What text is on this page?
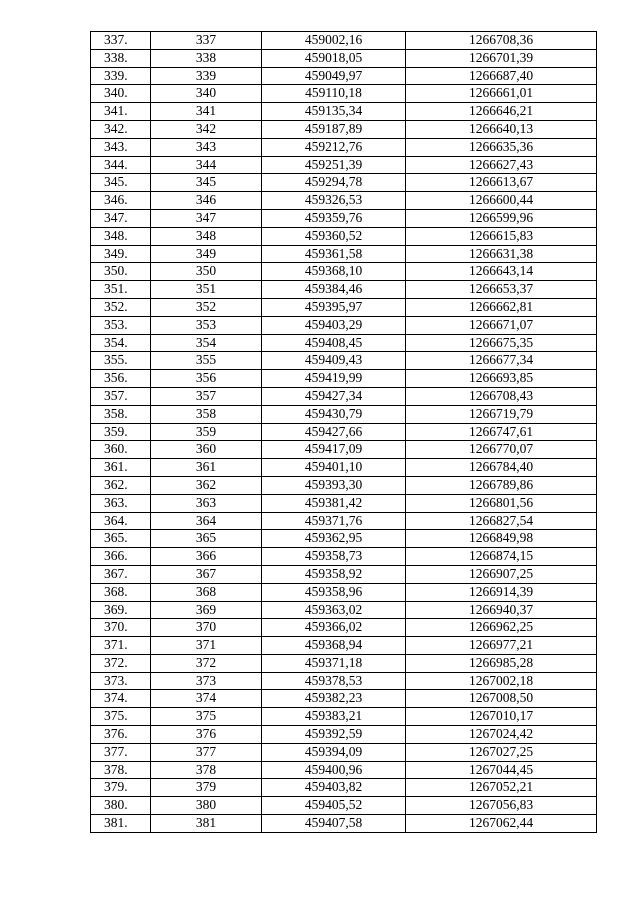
337.	337	459002,16	1266708,36
338.	338	459018,05	1266701,39
339.	339	459049,97	1266687,40
340.	340	459110,18	1266661,01
341.	341	459135,34	1266646,21
342.	342	459187,89	1266640,13
343.	343	459212,76	1266635,36
344.	344	459251,39	1266627,43
345.	345	459294,78	1266613,67
346.	346	459326,53	1266600,44
347.	347	459359,76	1266599,96
348.	348	459360,52	1266615,83
349.	349	459361,58	1266631,38
350.	350	459368,10	1266643,14
351.	351	459384,46	1266653,37
352.	352	459395,97	1266662,81
353.	353	459403,29	1266671,07
354.	354	459408,45	1266675,35
355.	355	459409,43	1266677,34
356.	356	459419,99	1266693,85
357.	357	459427,34	1266708,43
358.	358	459430,79	1266719,79
359.	359	459427,66	1266747,61
360.	360	459417,09	1266770,07
361.	361	459401,10	1266784,40
362.	362	459393,30	1266789,86
363.	363	459381,42	1266801,56
364.	364	459371,76	1266827,54
365.	365	459362,95	1266849,98
366.	366	459358,73	1266874,15
367.	367	459358,92	1266907,25
368.	368	459358,96	1266914,39
369.	369	459363,02	1266940,37
370.	370	459366,02	1266962,25
371.	371	459368,94	1266977,21
372.	372	459371,18	1266985,28
373.	373	459378,53	1267002,18
374.	374	459382,23	1267008,50
375.	375	459383,21	1267010,17
376.	376	459392,59	1267024,42
377.	377	459394,09	1267027,25
378.	378	459400,96	1267044,45
379.	379	459403,82	1267052,21
380.	380	459405,52	1267056,83
381.	381	459407,58	1267062,44
